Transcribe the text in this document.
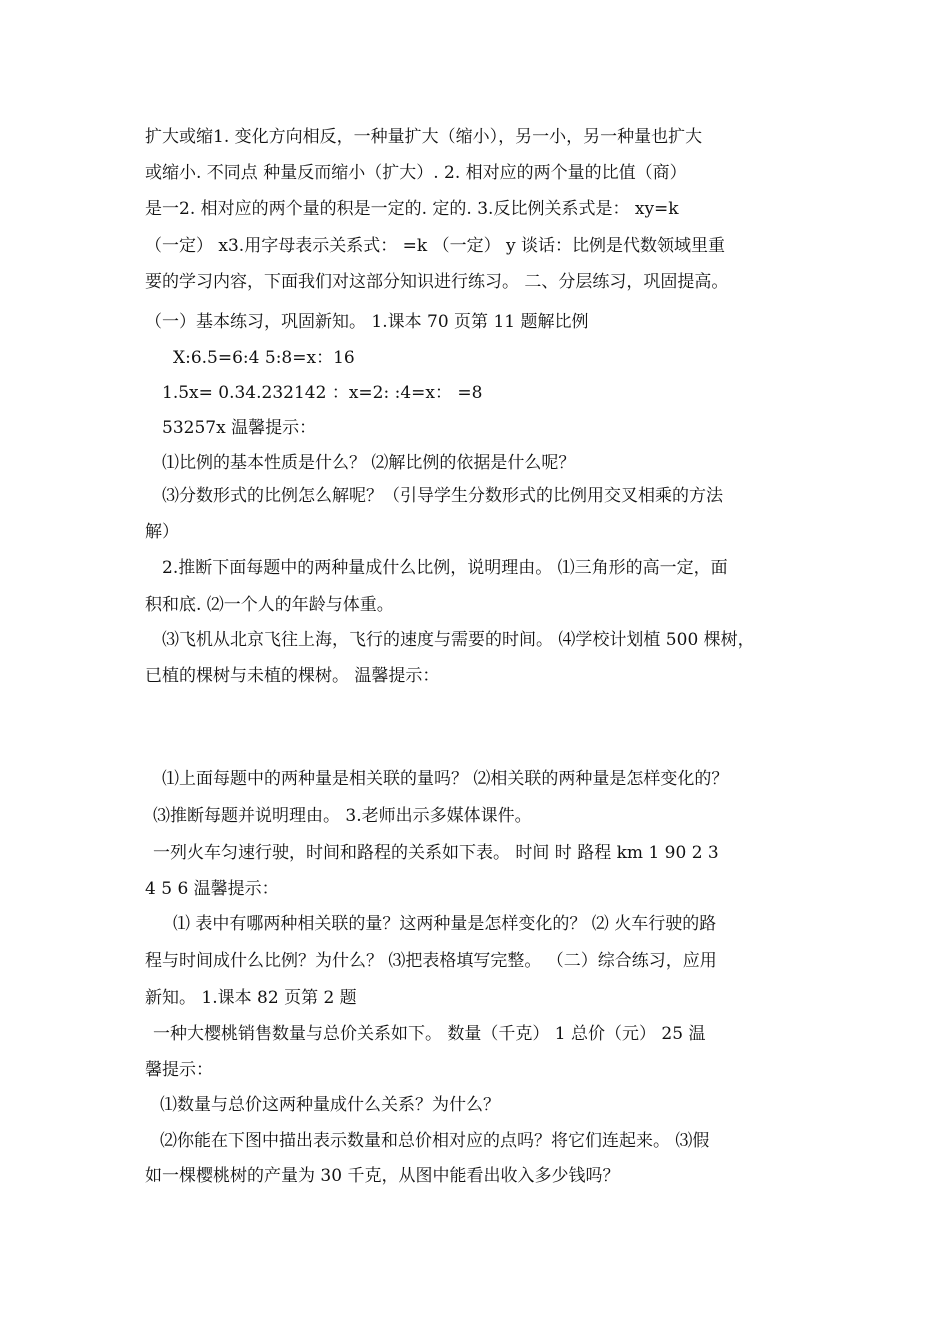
扩大或缩1. 变化方向相反，一种量扩大（缩小），另一小，另一种量也扩大
或缩小. 不同点 种量反而缩小（扩大）. 2. 相对应的两个量的比值（商）
是一2. 相对应的两个量的积是一定的. 定的. 3.反比例关系式是： xy=k
（一定） x3.用字母表示关系式： =k （一定） y 谈话：比例是代数领域里重
要的学习内容，下面我们对这部分知识进行练习。 二、分层练习，巩固提高。
（一）基本练习，巩固新知。 1.课本 70 页第 11 题解比例
X:6.5=6:4 5:8=x：16
1.5x= 0.34.232142 ：x=2: :4=x： =8
53257x 温馨提示：
⑴比例的基本性质是什么？ ⑵解比例的依据是什么呢？
⑶分数形式的比例怎么解呢？（引导学生分数形式的比例用交叉相乘的方法
解）
2.推断下面每题中的两种量成什么比例，说明理由。 ⑴三角形的高一定，面
积和底. ⑵一个人的年龄与体重。
⑶飞机从北京飞往上海，飞行的速度与需要的时间。 ⑷学校计划植 500 棵树，
已植的棵树与未植的棵树。 温馨提示：
⑴上面每题中的两种量是相关联的量吗？ ⑵相关联的两种量是怎样变化的？
⑶推断每题并说明理由。 3.老师出示多媒体课件。
一列火车匀速行驶，时间和路程的关系如下表。 时间 时 路程 km 1 90 2 3
4 5 6 温馨提示：
⑴ 表中有哪两种相关联的量？这两种量是怎样变化的？ ⑵ 火车行驶的路
程与时间成什么比例？为什么？ ⑶把表格填写完整。 （二）综合练习，应用
新知。 1.课本 82 页第 2 题
一种大樱桃销售数量与总价关系如下。 数量（千克） 1 总价（元） 25 温
馨提示：
⑴数量与总价这两种量成什么关系？为什么？
⑵你能在下图中描出表示数量和总价相对应的点吗？将它们连起来。 ⑶假
如一棵樱桃树的产量为 30 千克，从图中能看出收入多少钱吗？
